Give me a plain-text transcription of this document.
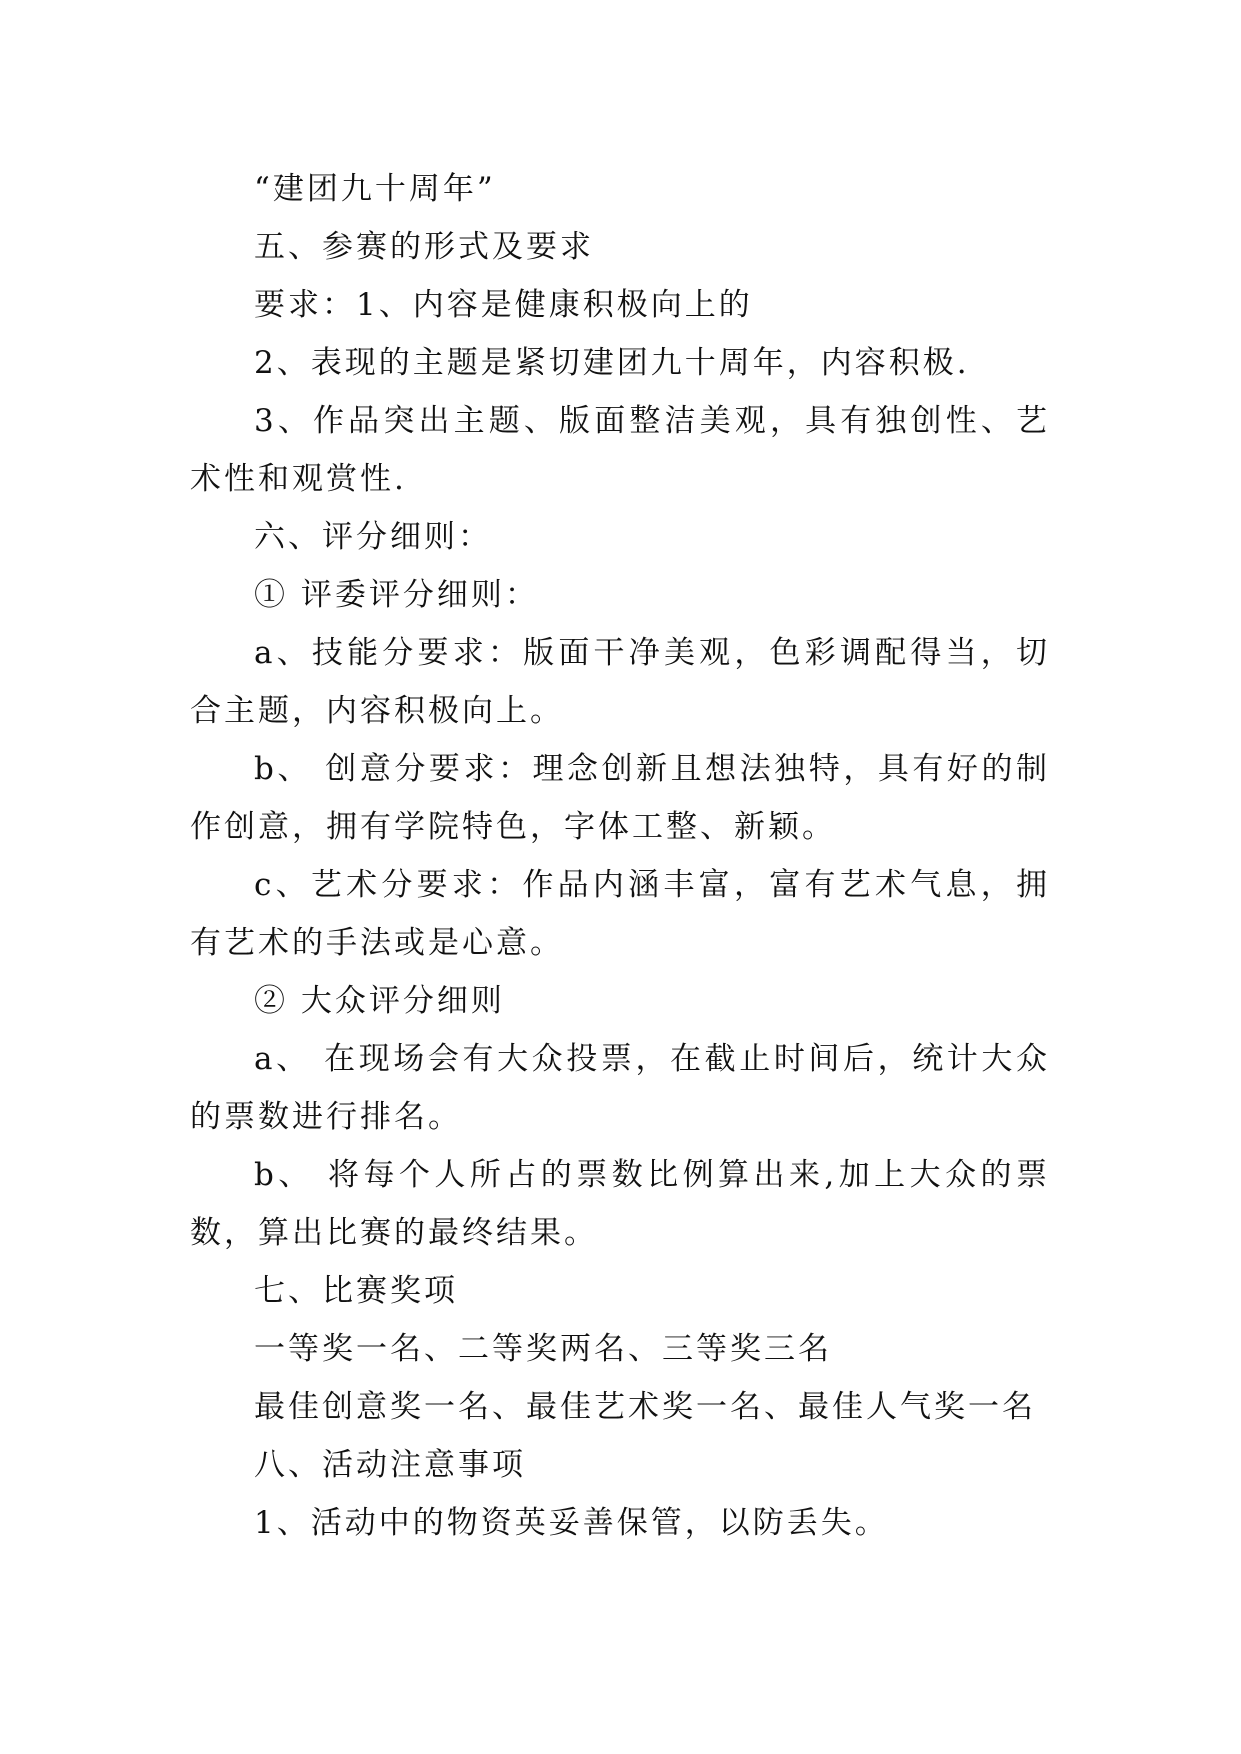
“建团九十周年”

五、参赛的形式及要求

要求：1、内容是健康积极向上的

2、表现的主题是紧切建团九十周年，内容积极.

3、作品突出主题、版面整洁美观，具有独创性、艺术性和观赏性.

六、评分细则：

① 评委评分细则：

a、技能分要求：版面干净美观，色彩调配得当，切合主题，内容积极向上。

b、 创意分要求：理念创新且想法独特，具有好的制作创意，拥有学院特色，字体工整、新颖。

c、艺术分要求：作品内涵丰富，富有艺术气息，拥有艺术的手法或是心意。

② 大众评分细则

a、 在现场会有大众投票，在截止时间后，统计大众的票数进行排名。

b、 将每个人所占的票数比例算出来,加上大众的票数，算出比赛的最终结果。

七、比赛奖项

一等奖一名、二等奖两名、三等奖三名

最佳创意奖一名、最佳艺术奖一名、最佳人气奖一名

八、活动注意事项

1、活动中的物资英妥善保管，以防丢失。
